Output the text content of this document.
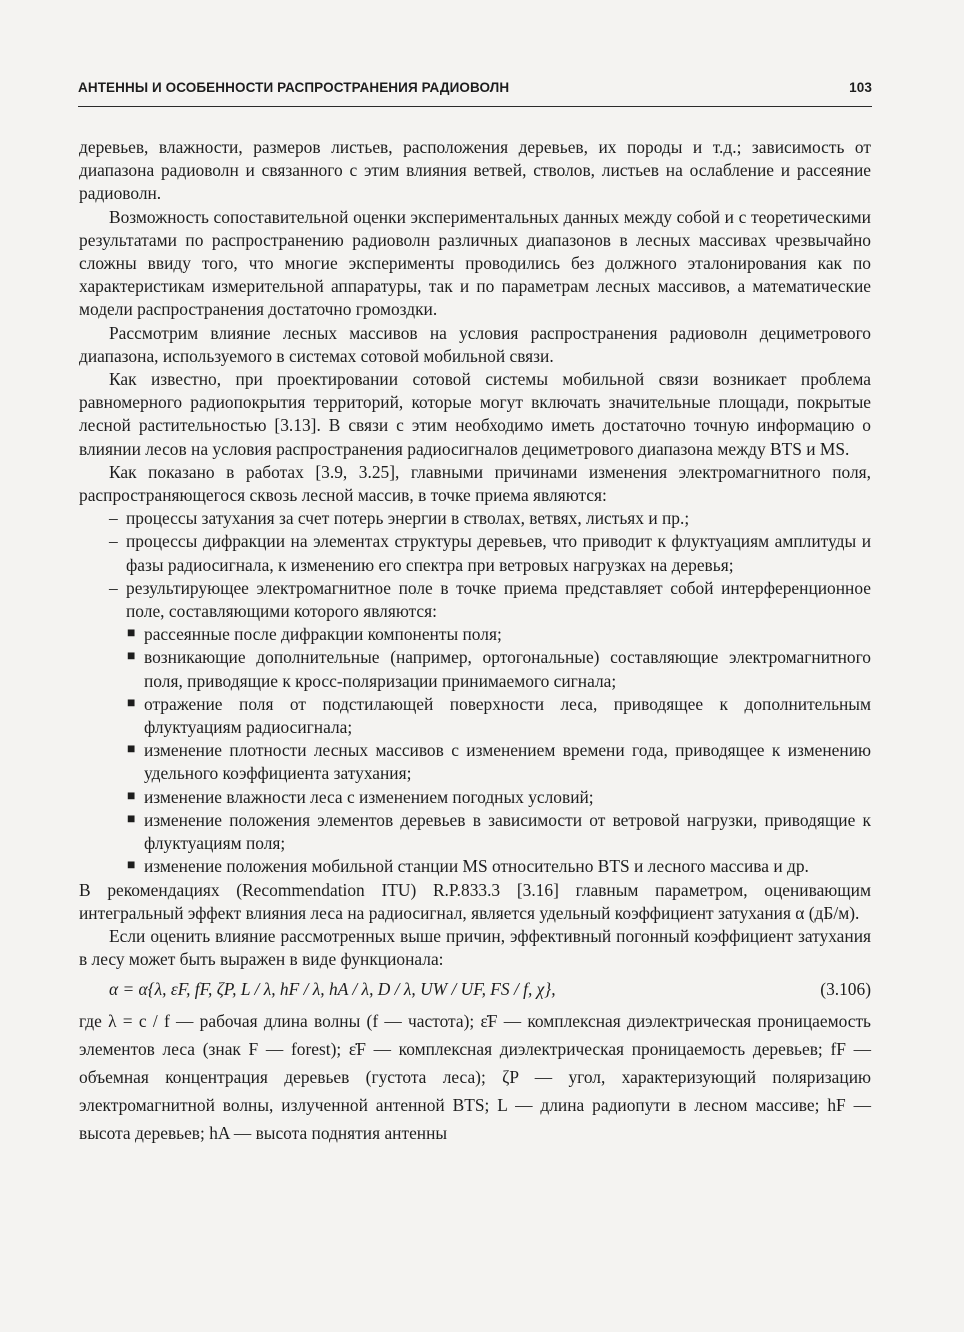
АНТЕННЫ И ОСОБЕННОСТИ РАСПРОСТРАНЕНИЯ РАДИОВОЛН	103

деревьев, влажности, размеров листьев, расположения деревьев, их породы и т.д.; зависимость от диапазона радиоволн и связанного с этим влияния ветвей, стволов, листьев на ослабление и рассеяние радиоволн.

Возможность сопоставительной оценки экспериментальных данных между собой и с теоретическими результатами по распространению радиоволн различных диапазонов в лесных массивах чрезвычайно сложны ввиду того, что многие эксперименты проводились без должного эталонирования как по характеристикам измерительной аппаратуры, так и по параметрам лесных массивов, а математические модели распространения достаточно громоздки.

Рассмотрим влияние лесных массивов на условия распространения радиоволн дециметрового диапазона, используемого в системах сотовой мобильной связи.

Как известно, при проектировании сотовой системы мобильной связи возникает проблема равномерного радиопокрытия территорий, которые могут включать значительные площади, покрытые лесной растительностью [3.13]. В связи с этим необходимо иметь достаточно точную информацию о влиянии лесов на условия распространения радиосигналов дециметрового диапазона между BTS и MS.

Как показано в работах [3.9, 3.25], главными причинами изменения электромагнитного поля, распространяющегося сквозь лесной массив, в точке приема являются:

– процессы затухания за счет потерь энергии в стволах, ветвях, листьях и пр.;
– процессы дифракции на элементах структуры деревьев, что приводит к флуктуациям амплитуды и фазы радиосигнала, к изменению его спектра при ветровых нагрузках на деревья;
– результирующее электромагнитное поле в точке приема представляет собой интерференционное поле, составляющими которого являются:
■ рассеянные после дифракции компоненты поля;
■ возникающие дополнительные (например, ортогональные) составляющие электромагнитного поля, приводящие к кросс-поляризации принимаемого сигнала;
■ отражение поля от подстилающей поверхности леса, приводящее к дополнительным флуктуациям радиосигнала;
■ изменение плотности лесных массивов с изменением времени года, приводящее к изменению удельного коэффициента затухания;
■ изменение влажности леса с изменением погодных условий;
■ изменение положения элементов деревьев в зависимости от ветровой нагрузки, приводящие к флуктуациям поля;
■ изменение положения мобильной станции MS относительно BTS и лесного массива и др.

В рекомендациях (Recommendation ITU) R.P.833.3 [3.16] главным параметром, оценивающим интегральный эффект влияния леса на радиосигнал, является удельный коэффициент затухания α (дБ/м).

Если оценить влияние рассмотренных выше причин, эффективный погонный коэффициент затухания в лесу может быть выражен в виде функционала:

α = α{λ, ε̇F, fF, ζP, L / λ, hF / λ, hA / λ, D / λ, UW / UF, FS / f, χ},	(3.106)

где λ = c / f — рабочая длина волны (f — частота); ε̇F — комплексная диэлектрическая проницаемость элементов леса (знак F — forest); ε̇F — комплексная диэлектрическая проницаемость деревьев; fF — объемная концентрация деревьев (густота леса); ζP — угол, характеризующий поляризацию электромагнитной волны, излученной антенной BTS; L — длина радиопути в лесном массиве; hF — высота деревьев; hA — высота поднятия антенны
